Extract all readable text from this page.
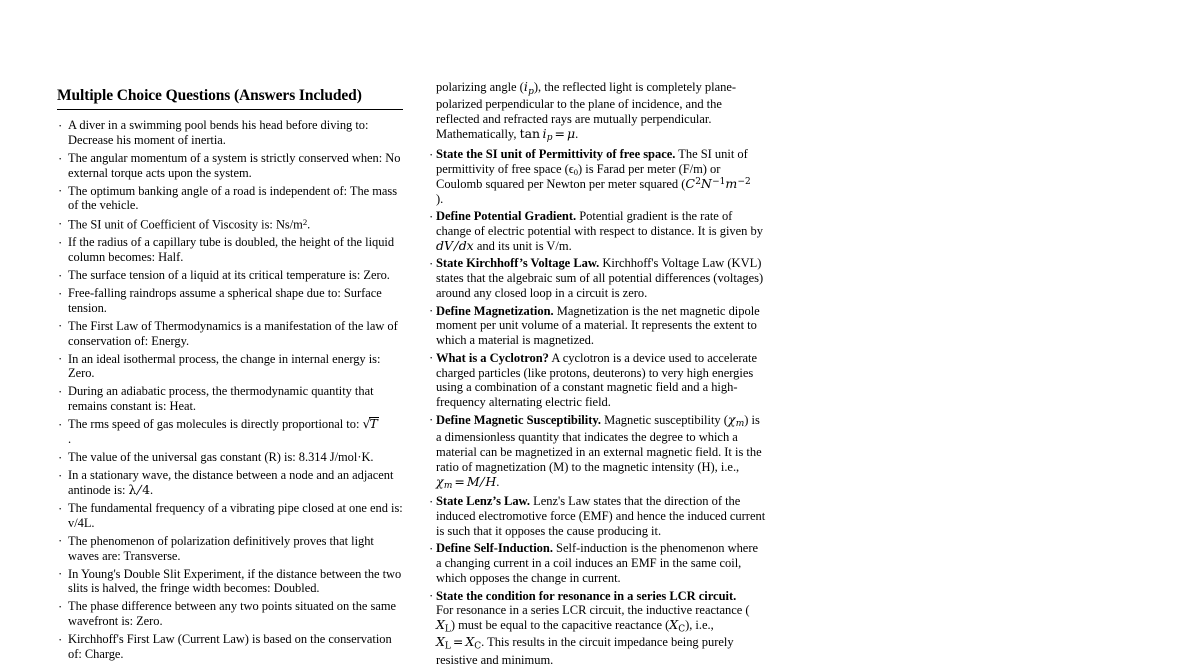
Multiple Choice Questions (Answers Included)
· A diver in a swimming pool bends his head before diving to: Decrease his moment of inertia.
· The angular momentum of a system is strictly conserved when: No external torque acts upon the system.
· The optimum banking angle of a road is independent of: The mass of the vehicle.
· The SI unit of Coefficient of Viscosity is: $Ns/m^2$.
· If the radius of a capillary tube is doubled, the height of the liquid column becomes: Half.
· The surface tension of a liquid at its critical temperature is: Zero.
· Free-falling raindrops assume a spherical shape due to: Surface tension.
· The First Law of Thermodynamics is a manifestation of the law of conservation of: Energy.
· In an ideal isothermal process, the change in internal energy is: Zero.
· During an adiabatic process, the thermodynamic quantity that remains constant is: Heat.
· The rms speed of gas molecules is directly proportional to: √T
.
· The value of the universal gas constant (R) is: 8.314 J/mol·K.
· In a stationary wave, the distance between a node and an adjacent antinode is: λ/4.
· The fundamental frequency of a vibrating pipe closed at one end is: v/4L.
· The phenomenon of polarization definitively proves that light waves are: Transverse.
· In Young's Double Slit Experiment, if the distance between the two slits is halved, the fringe width becomes: Doubled.
· The phase difference between any two points situated on the same wavefront is: Zero.
· Kirchhoff's First Law (Current Law) is based on the conservation of: Charge.
polarizing angle $(i_p)$, the reflected light is completely plane-polarized perpendicular to the plane of incidence, and the reflected and refracted rays are mutually perpendicular. Mathematically, $\tan i_p = \mu$.
· State the SI unit of Permittivity of free space. The SI unit of permittivity of free space (ϵ0) is Farad per meter (F/m) or Coulomb squared per Newton per meter squared ($C^2N^{-1}m^{-2}$
).
· Define Potential Gradient. Potential gradient is the rate of change of electric potential with respect to distance. It is given by dV/dx and its unit is V/m.
· State Kirchhoff’s Voltage Law. Kirchhoff's Voltage Law (KVL) states that the algebraic sum of all potential differences (voltages) around any closed loop in a circuit is zero.
· Define Magnetization. Magnetization is the net magnetic dipole moment per unit volume of a material. It represents the extent to which a material is magnetized.
· What is a Cyclotron? A cyclotron is a device used to accelerate charged particles (like protons, deuterons) to very high energies using a combination of a constant magnetic field and a high-frequency alternating electric field.
· Define Magnetic Susceptibility. Magnetic susceptibility $(\chi_m)$ is a dimensionless quantity that indicates the degree to which a material can be magnetized in an external magnetic field. It is the ratio of magnetization (M) to the magnetic intensity (H), i.e., $\chi_m = M/H$.
· State Lenz’s Law. Lenz's Law states that the direction of the induced electromotive force (EMF) and hence the induced current is such that it opposes the cause producing it.
· Define Self-Induction. Self-induction is the phenomenon where a changing current in a coil induces an EMF in the same coil, which opposes the change in current.
· State the condition for resonance in a series LCR circuit.
For resonance in a series LCR circuit, the inductive reactance (
$X_L$) must be equal to the capacitive reactance $(X_C)$, i.e.,
$X_L = X_C$. This results in the circuit impedance being purely resistive and minimum.
